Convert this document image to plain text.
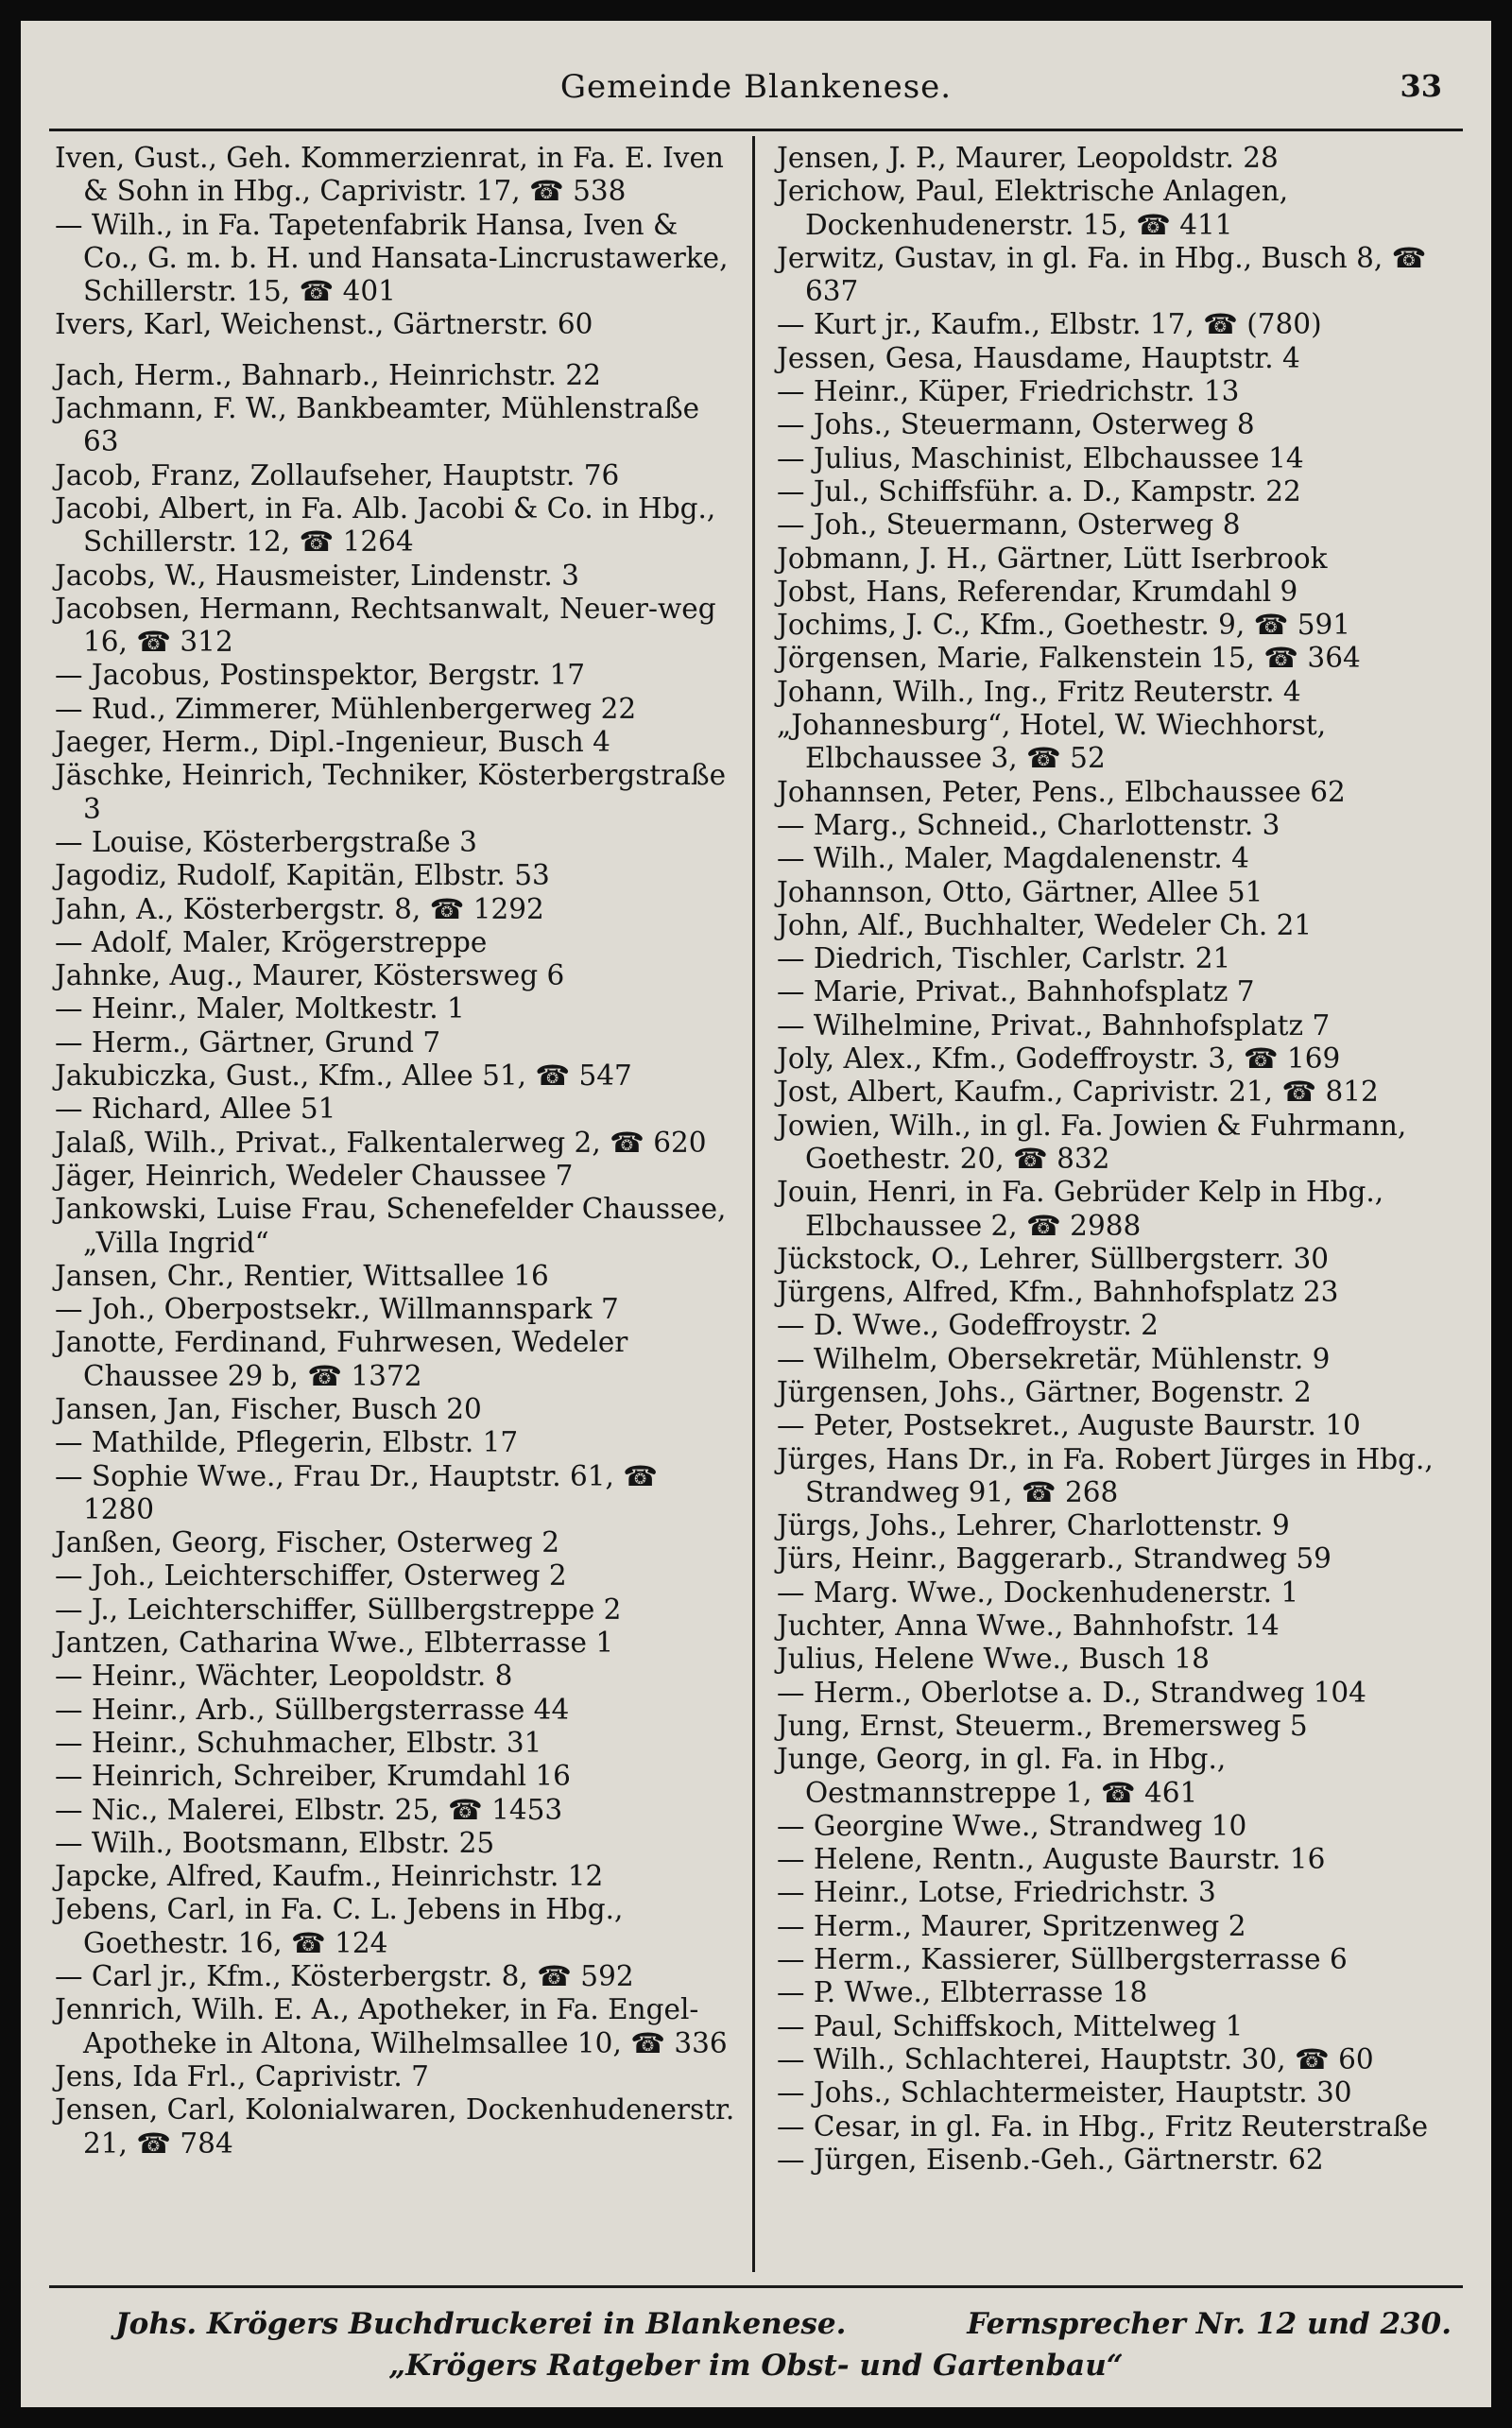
Gemeinde Blankenese.	33

Iven, Gust., Geh. Kommerzienrat, in Fa. E. Iven & Sohn in Hbg., Caprivistr. 17, ☎ 538

— Wilh., in Fa. Tapetenfabrik Hansa, Iven & Co., G. m. b. H. und Hansata-Lincrustawerke, Schillerstr. 15, ☎ 401

Ivers, Karl, Weichenst., Gärtnerstr. 60

Jach, Herm., Bahnarb., Heinrichstr. 22

Jachmann, F. W., Bankbeamter, Mühlenstraße 63

Jacob, Franz, Zollaufseher, Hauptstr. 76

Jacobi, Albert, in Fa. Alb. Jacobi & Co. in Hbg., Schillerstr. 12, ☎ 1264

Jacobs, W., Hausmeister, Lindenstr. 3

Jacobsen, Hermann, Rechtsanwalt, Neuer-weg 16, ☎ 312

— Jacobus, Postinspektor, Bergstr. 17

— Rud., Zimmerer, Mühlenbergerweg 22

Jaeger, Herm., Dipl.-Ingenieur, Busch 4

Jäschke, Heinrich, Techniker, Kösterbergstraße 3

— Louise, Kösterbergstraße 3

Jagodiz, Rudolf, Kapitän, Elbstr. 53

Jahn, A., Kösterbergstr. 8, ☎ 1292

— Adolf, Maler, Krögerstreppe

Jahnke, Aug., Maurer, Köstersweg 6

— Heinr., Maler, Moltkestr. 1

— Herm., Gärtner, Grund 7

Jakubiczka, Gust., Kfm., Allee 51, ☎ 547

— Richard, Allee 51

Jalaß, Wilh., Privat., Falkentalerweg 2, ☎ 620

Jäger, Heinrich, Wedeler Chaussee 7

Jankowski, Luise Frau, Schenefelder Chaussee, „Villa Ingrid“

Jansen, Chr., Rentier, Wittsallee 16

— Joh., Oberpostsekr., Willmannspark 7

Janotte, Ferdinand, Fuhrwesen, Wedeler Chaussee 29 b, ☎ 1372

Jansen, Jan, Fischer, Busch 20

— Mathilde, Pflegerin, Elbstr. 17

— Sophie Wwe., Frau Dr., Hauptstr. 61, ☎ 1280

Janßen, Georg, Fischer, Osterweg 2

— Joh., Leichterschiffer, Osterweg 2

— J., Leichterschiffer, Süllbergstreppe 2

Jantzen, Catharina Wwe., Elbterrasse 1

— Heinr., Wächter, Leopoldstr. 8

— Heinr., Arb., Süllbergsterrasse 44

— Heinr., Schuhmacher, Elbstr. 31

— Heinrich, Schreiber, Krumdahl 16

— Nic., Malerei, Elbstr. 25, ☎ 1453

— Wilh., Bootsmann, Elbstr. 25

Japcke, Alfred, Kaufm., Heinrichstr. 12

Jebens, Carl, in Fa. C. L. Jebens in Hbg., Goethestr. 16, ☎ 124

— Carl jr., Kfm., Kösterbergstr. 8, ☎ 592

Jennrich, Wilh. E. A., Apotheker, in Fa. Engel-Apotheke in Altona, Wilhelmsallee 10, ☎ 336

Jens, Ida Frl., Caprivistr. 7

Jensen, Carl, Kolonialwaren, Dockenhudenerstr. 21, ☎ 784

Jensen, J. P., Maurer, Leopoldstr. 28

Jerichow, Paul, Elektrische Anlagen, Dockenhudenerstr. 15, ☎ 411

Jerwitz, Gustav, in gl. Fa. in Hbg., Busch 8, ☎ 637

— Kurt jr., Kaufm., Elbstr. 17, ☎ (780)

Jessen, Gesa, Hausdame, Hauptstr. 4

— Heinr., Küper, Friedrichstr. 13

— Johs., Steuermann, Osterweg 8

— Julius, Maschinist, Elbchaussee 14

— Jul., Schiffsführ. a. D., Kampstr. 22

— Joh., Steuermann, Osterweg 8

Jobmann, J. H., Gärtner, Lütt Iserbrook

Jobst, Hans, Referendar, Krumdahl 9

Jochims, J. C., Kfm., Goethestr. 9, ☎ 591

Jörgensen, Marie, Falkenstein 15, ☎ 364

Johann, Wilh., Ing., Fritz Reuterstr. 4

„Johannesburg“, Hotel, W. Wiechhorst, Elbchaussee 3, ☎ 52

Johannsen, Peter, Pens., Elbchaussee 62

— Marg., Schneid., Charlottenstr. 3

— Wilh., Maler, Magdalenenstr. 4

Johannson, Otto, Gärtner, Allee 51

John, Alf., Buchhalter, Wedeler Ch. 21

— Diedrich, Tischler, Carlstr. 21

— Marie, Privat., Bahnhofsplatz 7

— Wilhelmine, Privat., Bahnhofsplatz 7

Joly, Alex., Kfm., Godeffroystr. 3, ☎ 169

Jost, Albert, Kaufm., Caprivistr. 21, ☎ 812

Jowien, Wilh., in gl. Fa. Jowien & Fuhrmann, Goethestr. 20, ☎ 832

Jouin, Henri, in Fa. Gebrüder Kelp in Hbg., Elbchaussee 2, ☎ 2988

Jückstock, O., Lehrer, Süllbergsterr. 30

Jürgens, Alfred, Kfm., Bahnhofsplatz 23

— D. Wwe., Godeffroystr. 2

— Wilhelm, Obersekretär, Mühlenstr. 9

Jürgensen, Johs., Gärtner, Bogenstr. 2

— Peter, Postsekret., Auguste Baurstr. 10

Jürges, Hans Dr., in Fa. Robert Jürges in Hbg., Strandweg 91, ☎ 268

Jürgs, Johs., Lehrer, Charlottenstr. 9

Jürs, Heinr., Baggerarb., Strandweg 59

— Marg. Wwe., Dockenhudenerstr. 1

Juchter, Anna Wwe., Bahnhofstr. 14

Julius, Helene Wwe., Busch 18

— Herm., Oberlotse a. D., Strandweg 104

Jung, Ernst, Steuerm., Bremersweg 5

Junge, Georg, in gl. Fa. in Hbg., Oestmannstreppe 1, ☎ 461

— Georgine Wwe., Strandweg 10

— Helene, Rentn., Auguste Baurstr. 16

— Heinr., Lotse, Friedrichstr. 3

— Herm., Maurer, Spritzenweg 2

— Herm., Kassierer, Süllbergsterrasse 6

— P. Wwe., Elbterrasse 18

— Paul, Schiffskoch, Mittelweg 1

— Wilh., Schlachterei, Hauptstr. 30, ☎ 60

— Johs., Schlachtermeister, Hauptstr. 30

— Cesar, in gl. Fa. in Hbg., Fritz Reuterstraße

— Jürgen, Eisenb.-Geh., Gärtnerstr. 62

Johs. Krögers Buchdruckerei in Blankenese.	Fernsprecher Nr. 12 und 230.
„Krögers Ratgeber im Obst- und Gartenbau“
